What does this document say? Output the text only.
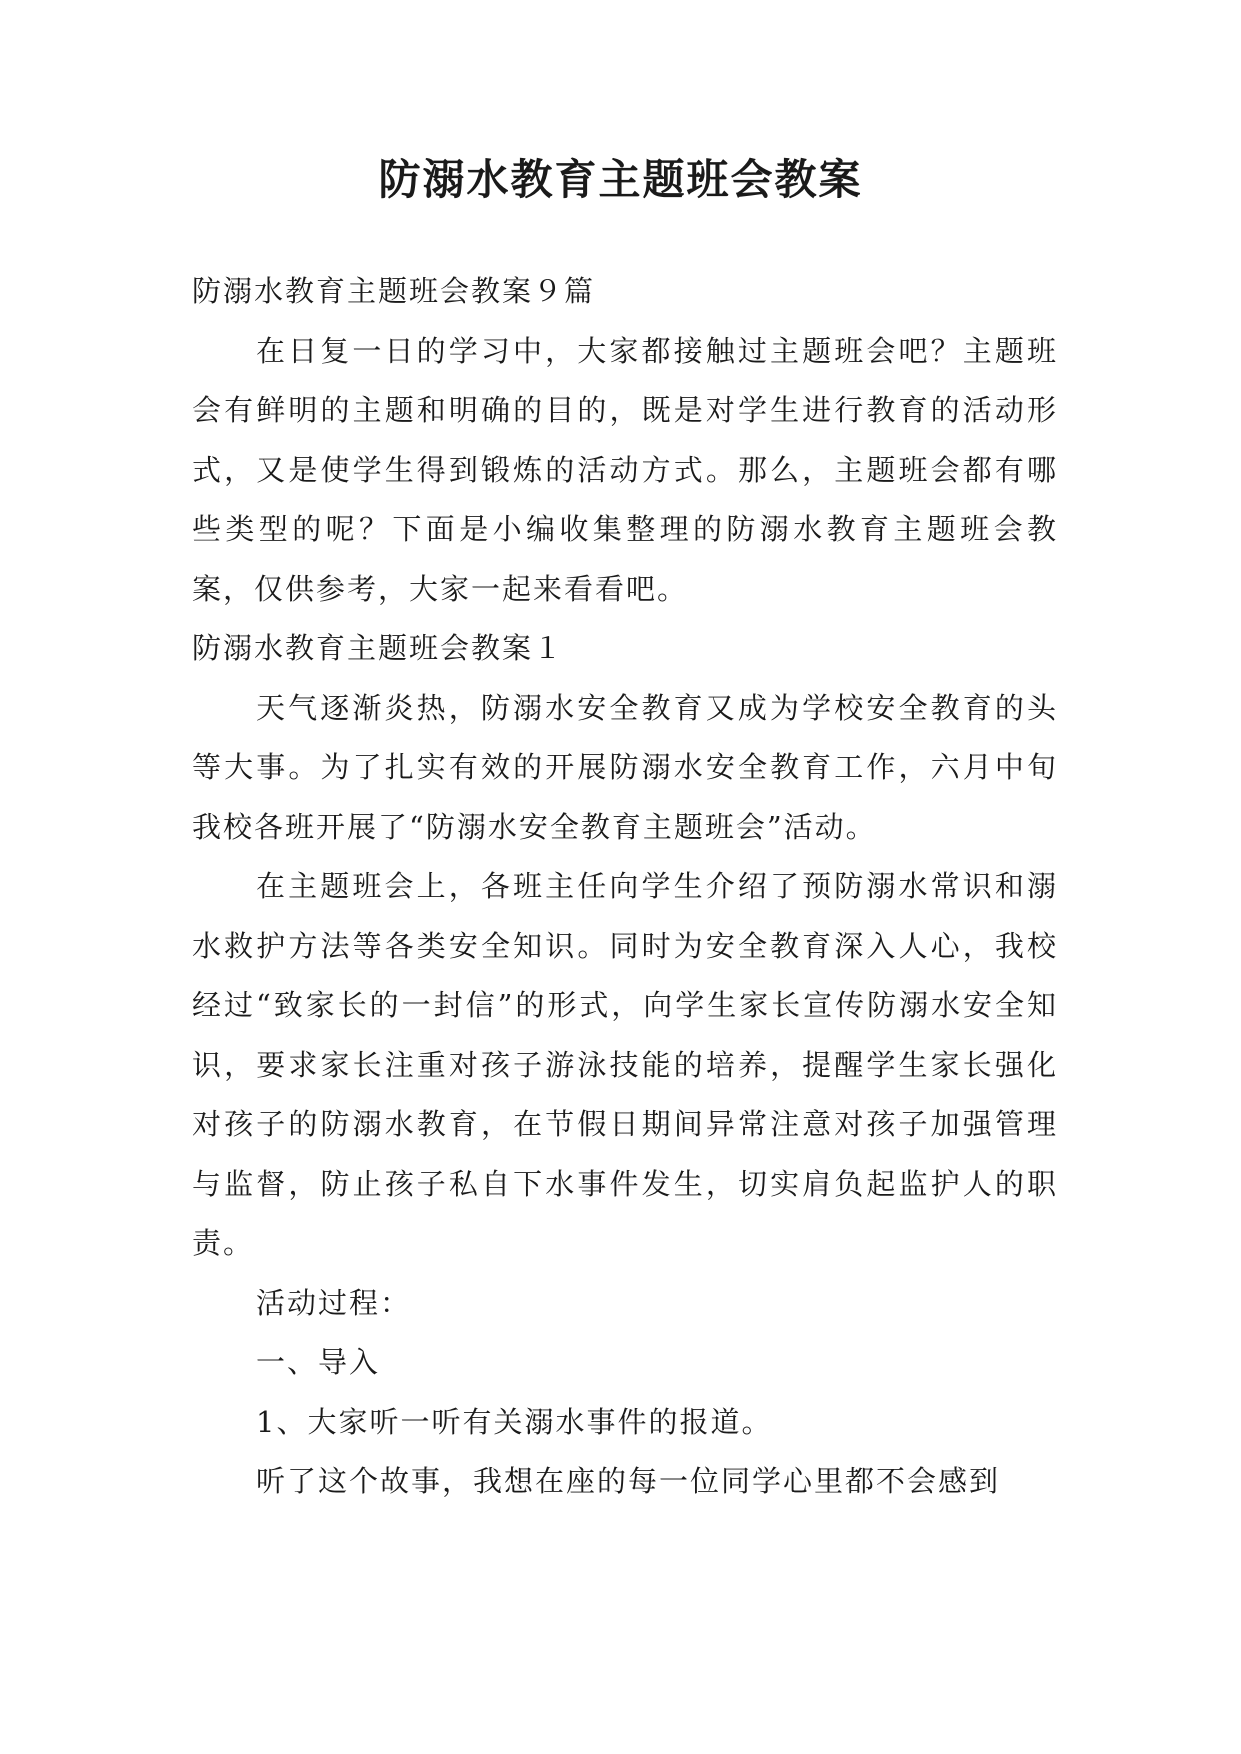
防溺水教育主题班会教案

防溺水教育主题班会教案９篇

在日复一日的学习中，大家都接触过主题班会吧？主题班会有鲜明的主题和明确的目的，既是对学生进行教育的活动形式，又是使学生得到锻炼的活动方式。那么，主题班会都有哪些类型的呢？下面是小编收集整理的防溺水教育主题班会教案，仅供参考，大家一起来看看吧。

防溺水教育主题班会教案１

天气逐渐炎热，防溺水安全教育又成为学校安全教育的头等大事。为了扎实有效的开展防溺水安全教育工作，六月中旬我校各班开展了“防溺水安全教育主题班会”活动。

在主题班会上，各班主任向学生介绍了预防溺水常识和溺水救护方法等各类安全知识。同时为安全教育深入人心，我校经过“致家长的一封信”的形式，向学生家长宣传防溺水安全知识，要求家长注重对孩子游泳技能的培养，提醒学生家长强化对孩子的防溺水教育，在节假日期间异常注意对孩子加强管理与监督，防止孩子私自下水事件发生，切实肩负起监护人的职责。

活动过程：

一、导入

1、大家听一听有关溺水事件的报道。

听了这个故事，我想在座的每一位同学心里都不会感到
